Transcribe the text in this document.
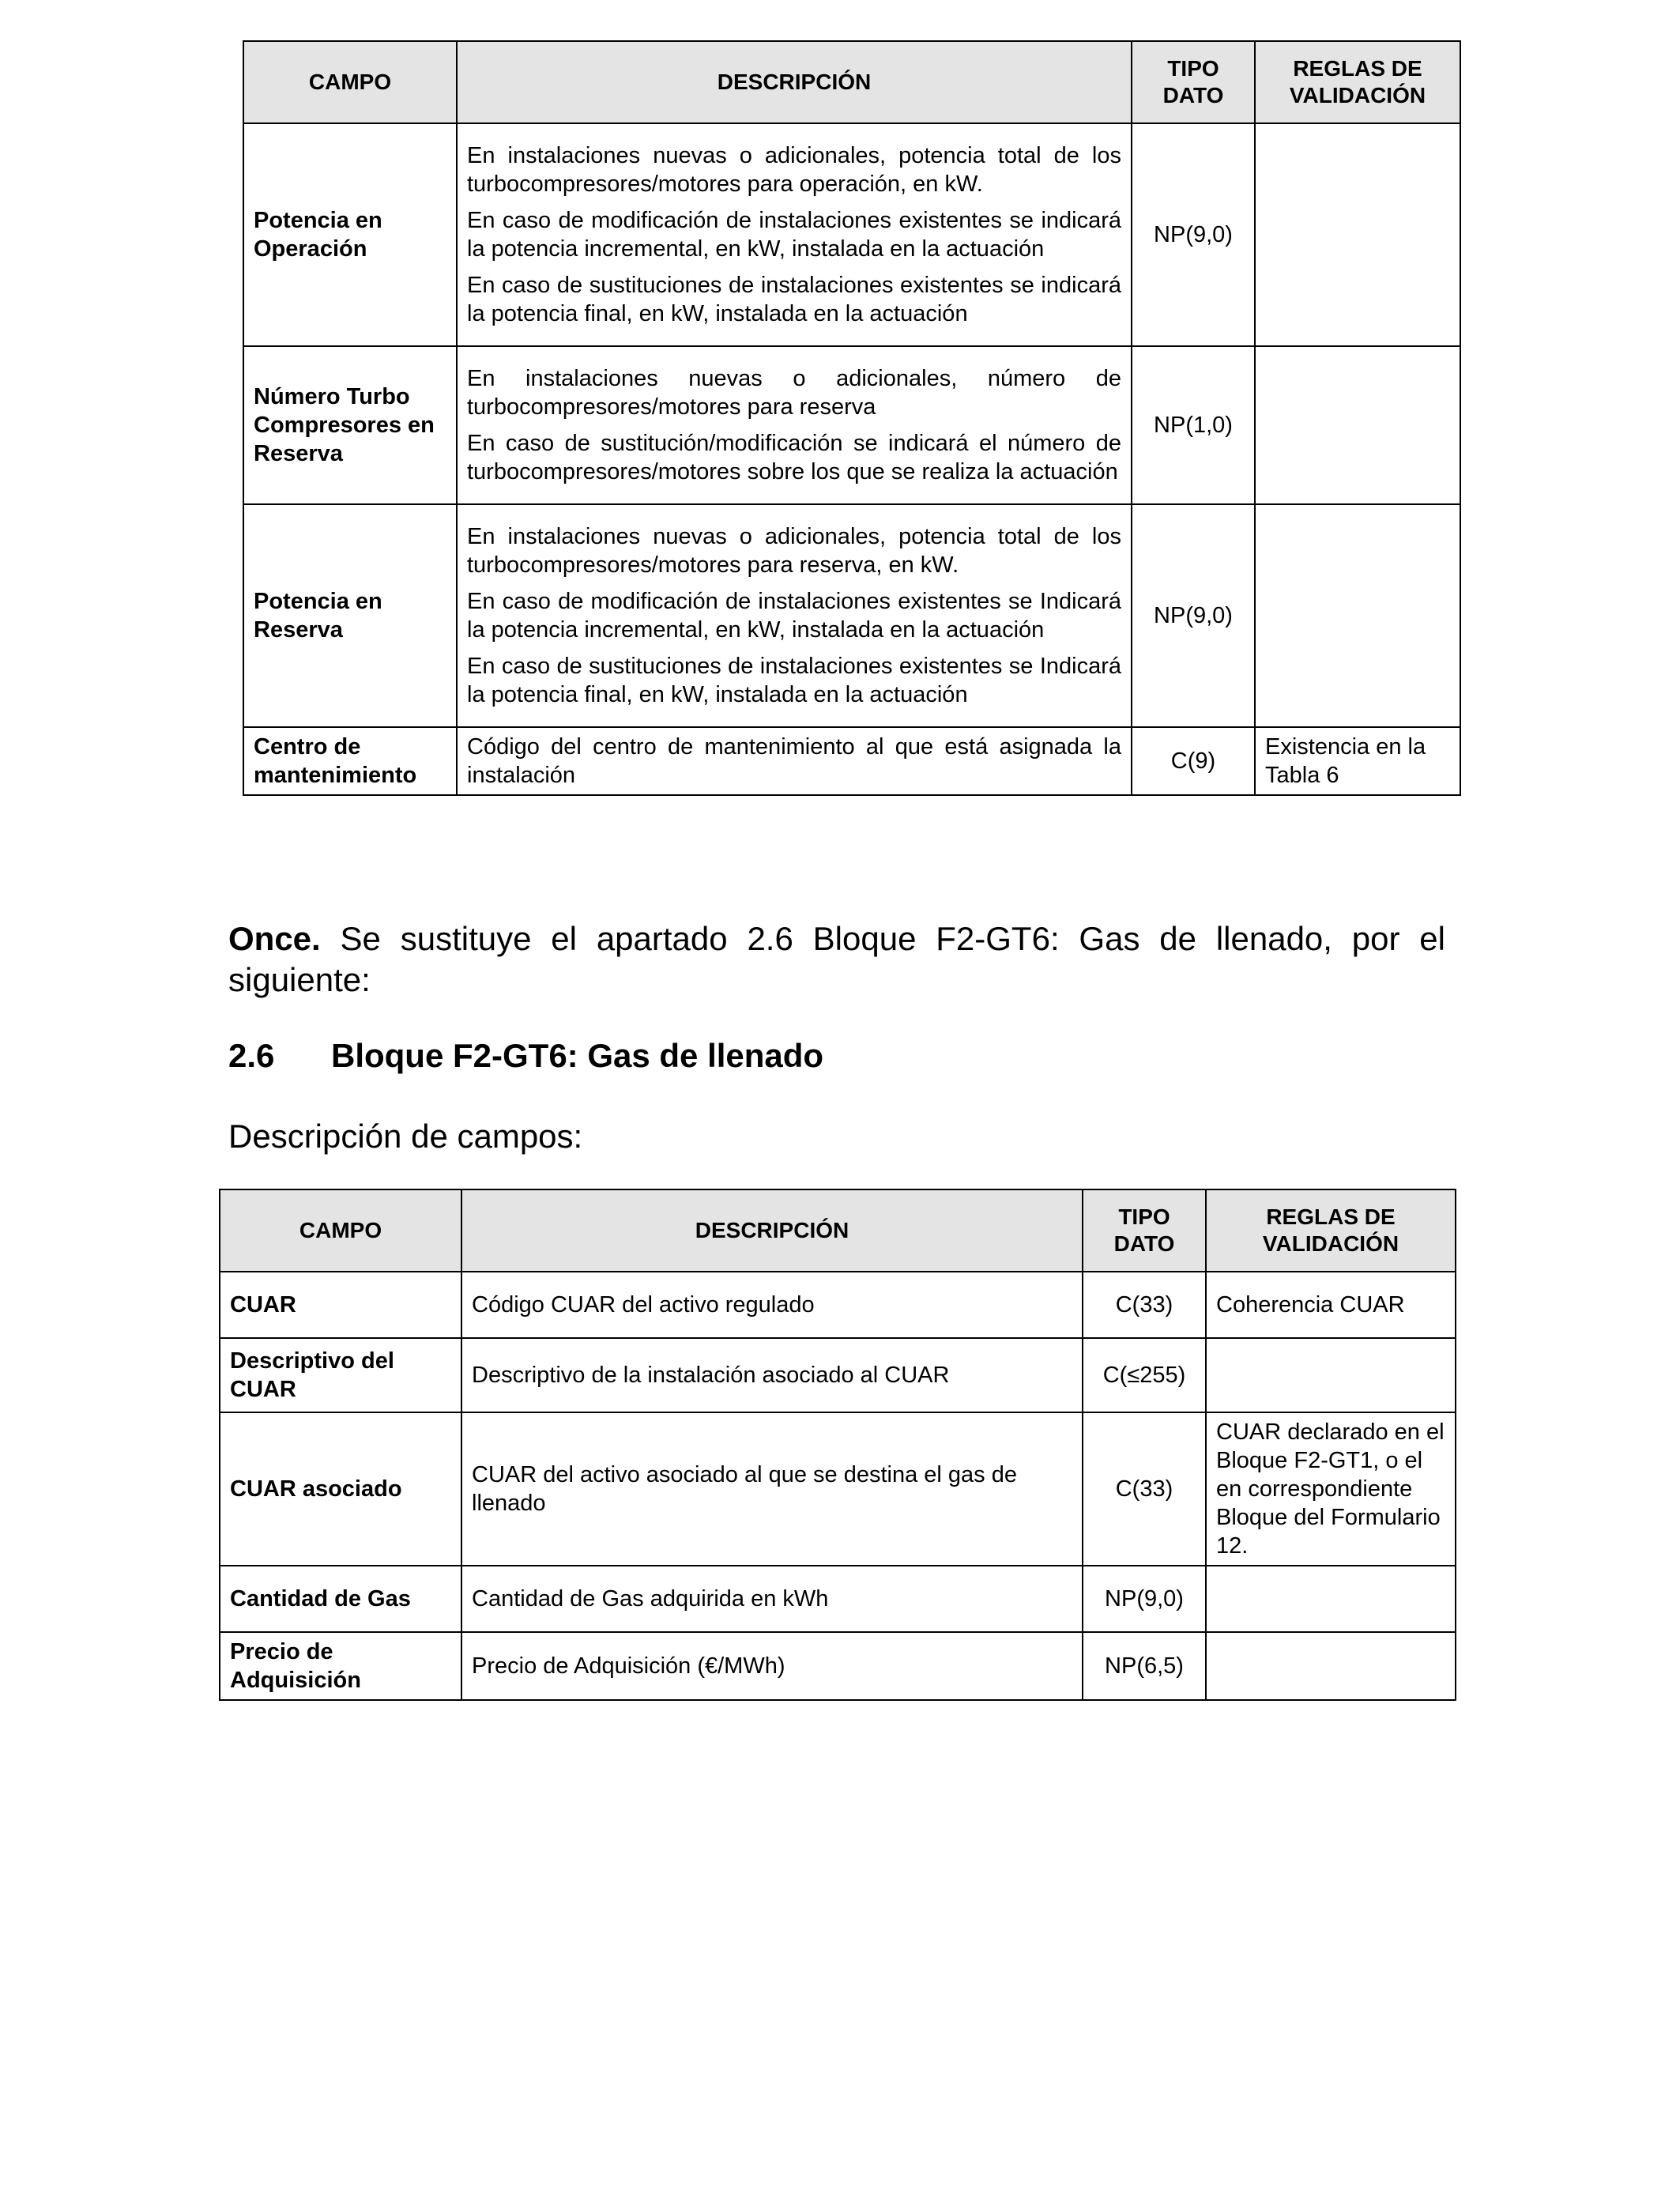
CAMPO	DESCRIPCIÓN	TIPO DATO	REGLAS DE VALIDACIÓN
Potencia en Operación	En instalaciones nuevas o adicionales, potencia total de los turbocompresores/motores para operación, en kW.

En caso de modificación de instalaciones existentes se indicará la potencia incremental, en kW, instalada en la actuación

En caso de sustituciones de instalaciones existentes se indicará la potencia final, en kW, instalada en la actuación	NP(9,0)	
Número Turbo Compresores en Reserva	En instalaciones nuevas o adicionales, número de turbocompresores/motores para reserva

En caso de sustitución/modificación se indicará el número de turbocompresores/motores sobre los que se realiza la actuación	NP(1,0)	
Potencia en Reserva	En instalaciones nuevas o adicionales, potencia total de los turbocompresores/motores para reserva, en kW.

En caso de modificación de instalaciones existentes se Indicará la potencia incremental, en kW, instalada en la actuación

En caso de sustituciones de instalaciones existentes se Indicará la potencia final, en kW, instalada en la actuación	NP(9,0)	
Centro de mantenimiento	Código del centro de mantenimiento al que está asignada la instalación	C(9)	Existencia en la Tabla 6

Once. Se sustituye el apartado 2.6 Bloque F2-GT6: Gas de llenado, por el siguiente:

2.6 Bloque F2-GT6: Gas de llenado

Descripción de campos:

CAMPO	DESCRIPCIÓN	TIPO DATO	REGLAS DE VALIDACIÓN
CUAR	Código CUAR del activo regulado	C(33)	Coherencia CUAR
Descriptivo del CUAR	Descriptivo de la instalación asociado al CUAR	C(≤255)	
CUAR asociado	CUAR del activo asociado al que se destina el gas de llenado	C(33)	CUAR declarado en el Bloque F2-GT1, o el en correspondiente Bloque del Formulario 12.
Cantidad de Gas	Cantidad de Gas adquirida en kWh	NP(9,0)	
Precio de Adquisición	Precio de Adquisición (€/MWh)	NP(6,5)	
